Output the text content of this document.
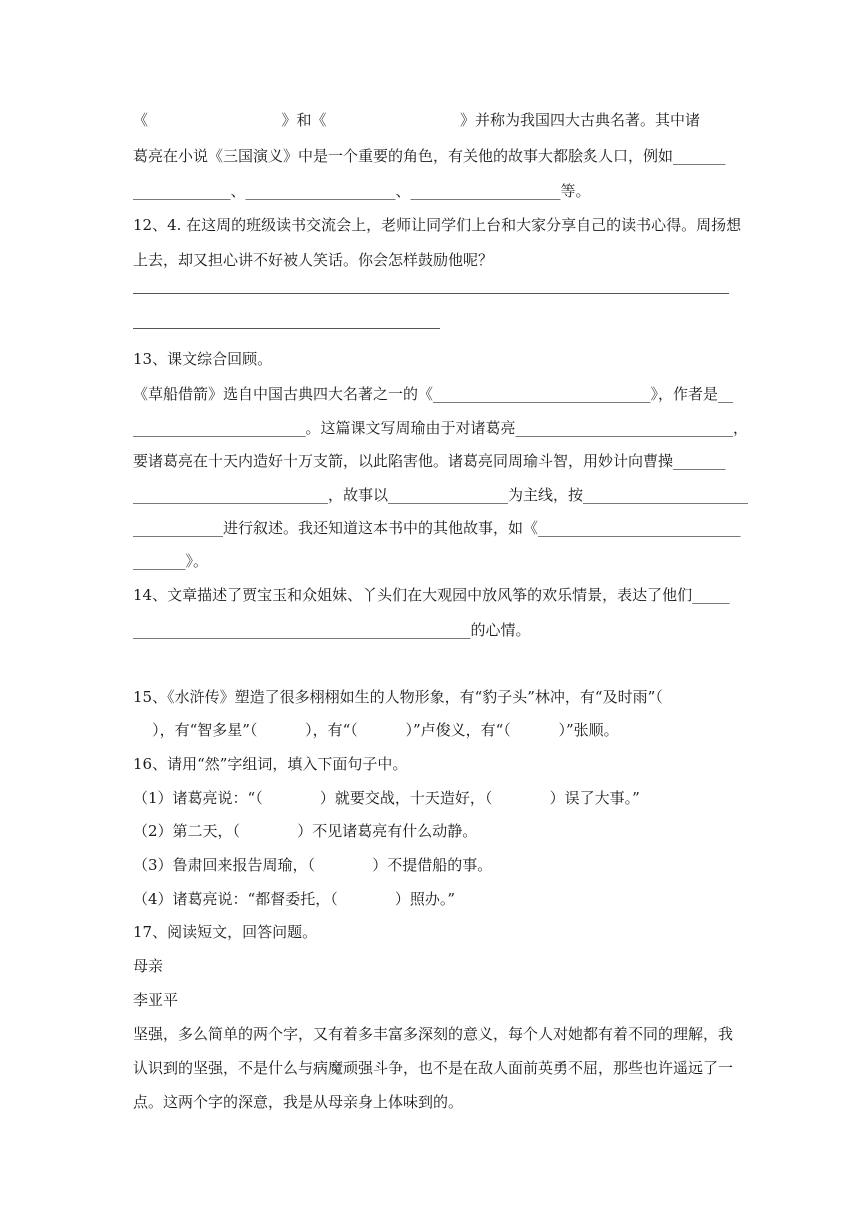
《                            》和《                            》并称为我国四大古典名著。其中诸
葛亮在小说《三国演义》中是一个重要的角色，有关他的故事大都脍炙人口，例如_______
_____________、____________________、____________________等。
12、4. 在这周的班级读书交流会上，老师让同学们上台和大家分享自己的读书心得。周扬想
上去，却又担心讲不好被人笑话。你会怎样鼓励他呢？
13、课文综合回顾。
《草船借箭》选自中国古典四大名著之一的《_____________________________》，作者是__
_______________________。这篇课文写周瑜由于对诸葛亮_____________________________，
要诸葛亮在十天内造好十万支箭，以此陷害他。诸葛亮同周瑜斗智，用妙计向曹操_______
__________________________，故事以________________为主线，按______________________
____________进行叙述。我还知道这本书中的其他故事，如《___________________________
_______》。
14、文章描述了贾宝玉和众姐妹、丫头们在大观园中放风筝的欢乐情景，表达了他们_____
_____________________________________________的心情。
15、《水浒传》塑造了很多栩栩如生的人物形象，有“豹子头”林冲，有“及时雨”（
），有“智多星”（          ），有“（          ）”卢俊义，有“（          ）”张顺。
16、请用“然”字组词，填入下面句子中。
（1）诸葛亮说：“（            ）就要交战，十天造好，（            ）误了大事。”
（2）第二天，（            ）不见诸葛亮有什么动静。
（3）鲁肃回来报告周瑜，（            ）不提借船的事。
（4）诸葛亮说：“都督委托，（            ）照办。”
17、阅读短文，回答问题。
母亲
李亚平
坚强，多么简单的两个字，又有着多丰富多深刻的意义，每个人对她都有着不同的理解，我
认识到的坚强，不是什么与病魔顽强斗争，也不是在敌人面前英勇不屈，那些也许遥远了一
点。这两个字的深意，我是从母亲身上体味到的。
